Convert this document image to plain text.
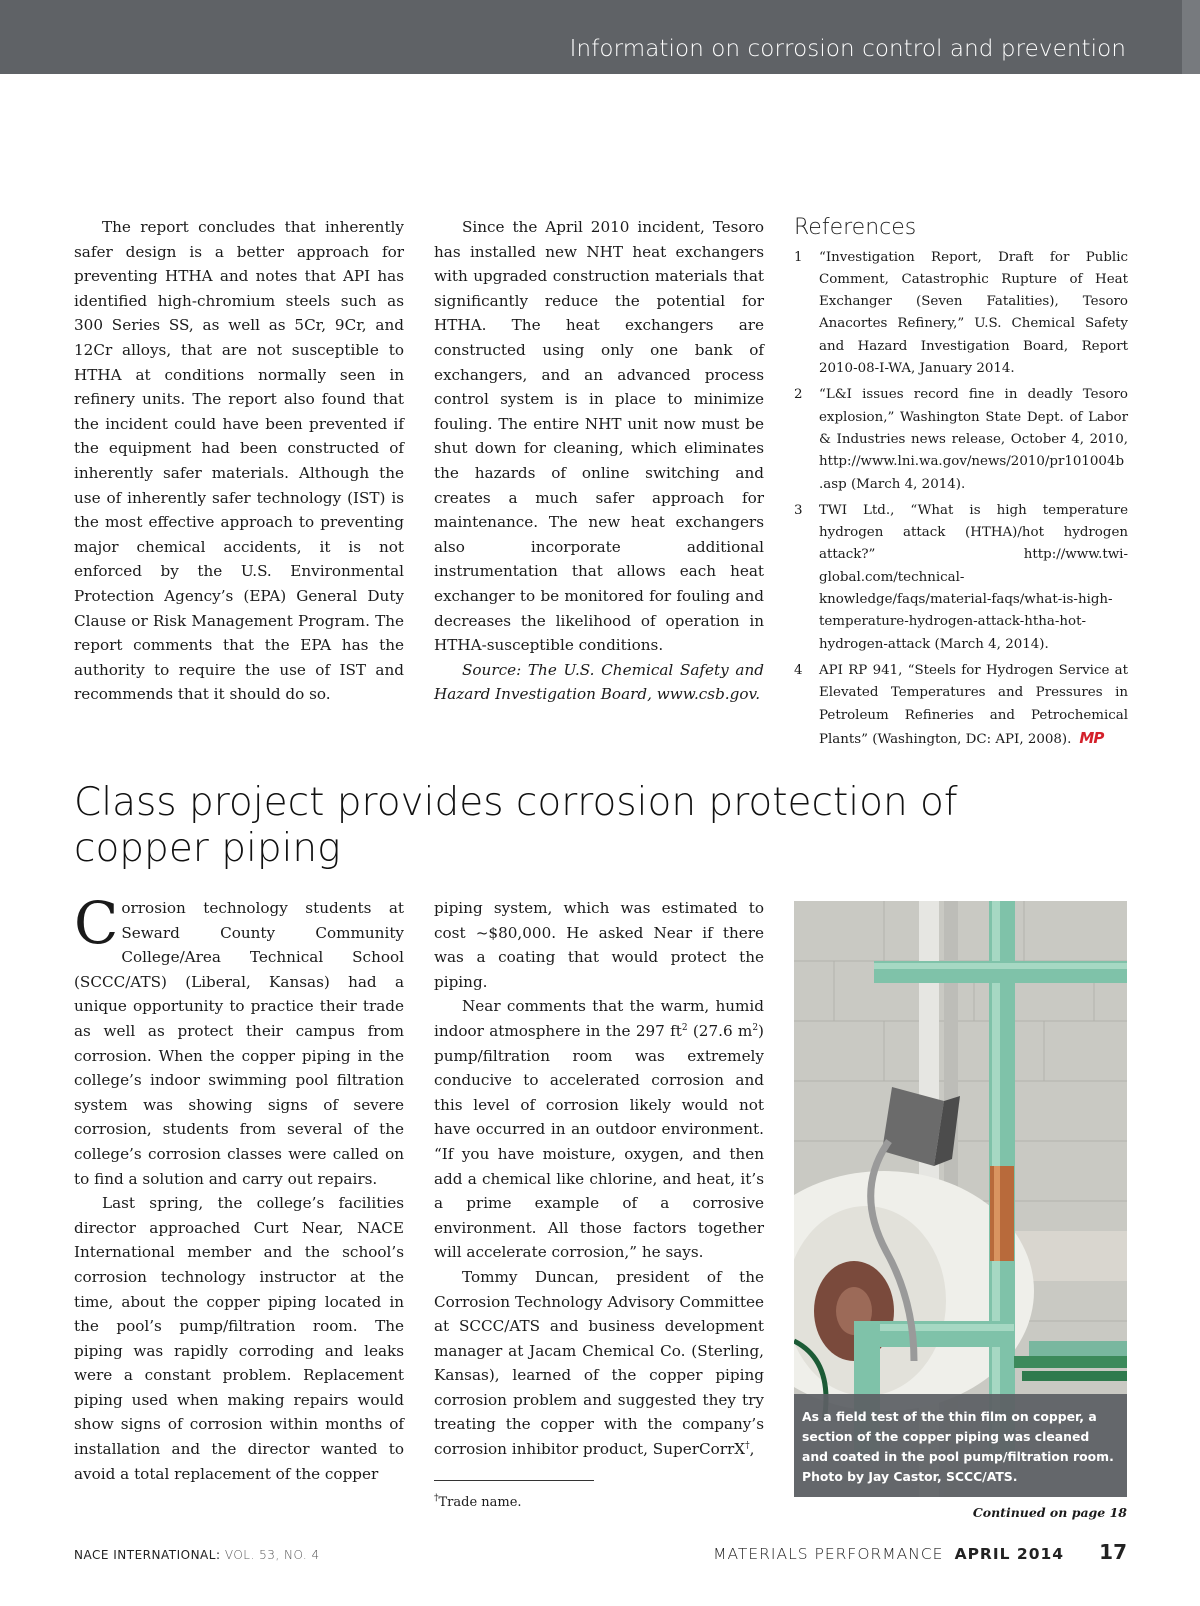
Information on corrosion control and prevention

The report concludes that inherently safer design is a better approach for preventing HTHA and notes that API has identified high-chromium steels such as 300 Series SS, as well as 5Cr, 9Cr, and 12Cr alloys, that are not susceptible to HTHA at conditions normally seen in refinery units. The report also found that the incident could have been prevented if the equipment had been constructed of inherently safer materials. Although the use of inherently safer technology (IST) is the most effective approach to preventing major chemical accidents, it is not enforced by the U.S. Environmental Protection Agency’s (EPA) General Duty Clause or Risk Management Program. The report comments that the EPA has the authority to require the use of IST and recommends that it should do so.

Since the April 2010 incident, Tesoro has installed new NHT heat exchangers with upgraded construction materials that significantly reduce the potential for HTHA. The heat exchangers are constructed using only one bank of exchangers, and an advanced process control system is in place to minimize fouling. The entire NHT unit now must be shut down for cleaning, which eliminates the hazards of online switching and creates a much safer approach for maintenance. The new heat exchangers also incorporate additional instrumentation that allows each heat exchanger to be monitored for fouling and decreases the likelihood of operation in HTHA-susceptible conditions.

Source: The U.S. Chemical Safety and Hazard Investigation Board, www.csb.gov.

References
1	“Investigation Report, Draft for Public Comment, Catastrophic Rupture of Heat Exchanger (Seven Fatalities), Tesoro Anacortes Refinery,” U.S. Chemical Safety and Hazard Investigation Board, Report 2010-08-I-WA, January 2014.
2	“L&I issues record fine in deadly Tesoro explosion,” Washington State Dept. of Labor & Industries news release, October 4, 2010, http://www.lni.wa.gov/news/2010/pr101004b.asp (March 4, 2014).
3	TWI Ltd., “What is high temperature hydrogen attack (HTHA)/hot hydrogen attack?” http://www.twi-global.com/technical-knowledge/faqs/material-faqs/what-is-high-temperature-hydrogen-attack-htha-hot-hydrogen-attack (March 4, 2014).
4	API RP 941, “Steels for Hydrogen Service at Elevated Temperatures and Pressures in Petroleum Refineries and Petrochemical Plants” (Washington, DC: API, 2008). MP
Class project provides corrosion protection of copper piping

Corrosion technology students at Seward County Community College/Area Technical School (SCCC/ATS) (Liberal, Kansas) had a unique opportunity to practice their trade as well as protect their campus from corrosion. When the copper piping in the college’s indoor swimming pool filtration system was showing signs of severe corrosion, students from several of the college’s corrosion classes were called on to find a solution and carry out repairs.

Last spring, the college’s facilities director approached Curt Near, NACE International member and the school’s corrosion technology instructor at the time, about the copper piping located in the pool’s pump/filtration room. The piping was rapidly corroding and leaks were a constant problem. Replacement piping used when making repairs would show signs of corrosion within months of installation and the director wanted to avoid a total replacement of the copper

piping system, which was estimated to cost ~$80,000. He asked Near if there was a coating that would protect the piping.

Near comments that the warm, humid indoor atmosphere in the 297 $ft^2$ (27.6 $m^2$) pump/filtration room was extremely conducive to accelerated corrosion and this level of corrosion likely would not have occurred in an outdoor environment. “If you have moisture, oxygen, and then add a chemical like chlorine, and heat, it’s a prime example of a corrosive environment. All those factors together will accelerate corrosion,” he says.

Tommy Duncan, president of the Corrosion Technology Advisory Committee at SCCC/ATS and business development manager at Jacam Chemical Co. (Sterling, Kansas), learned of the copper piping corrosion problem and suggested they try treating the copper with the company’s corrosion inhibitor product, SuperCorrX†,

†Trade name.
As a field test of the thin film on copper, a section of the copper piping was cleaned and coated in the pool pump/filtration room. Photo by Jay Castor, SCCC/ATS.
Continued on page 18
NACE INTERNATIONAL: VOL. 53, NO. 4	MATERIALS PERFORMANCE APRIL 2014 17
